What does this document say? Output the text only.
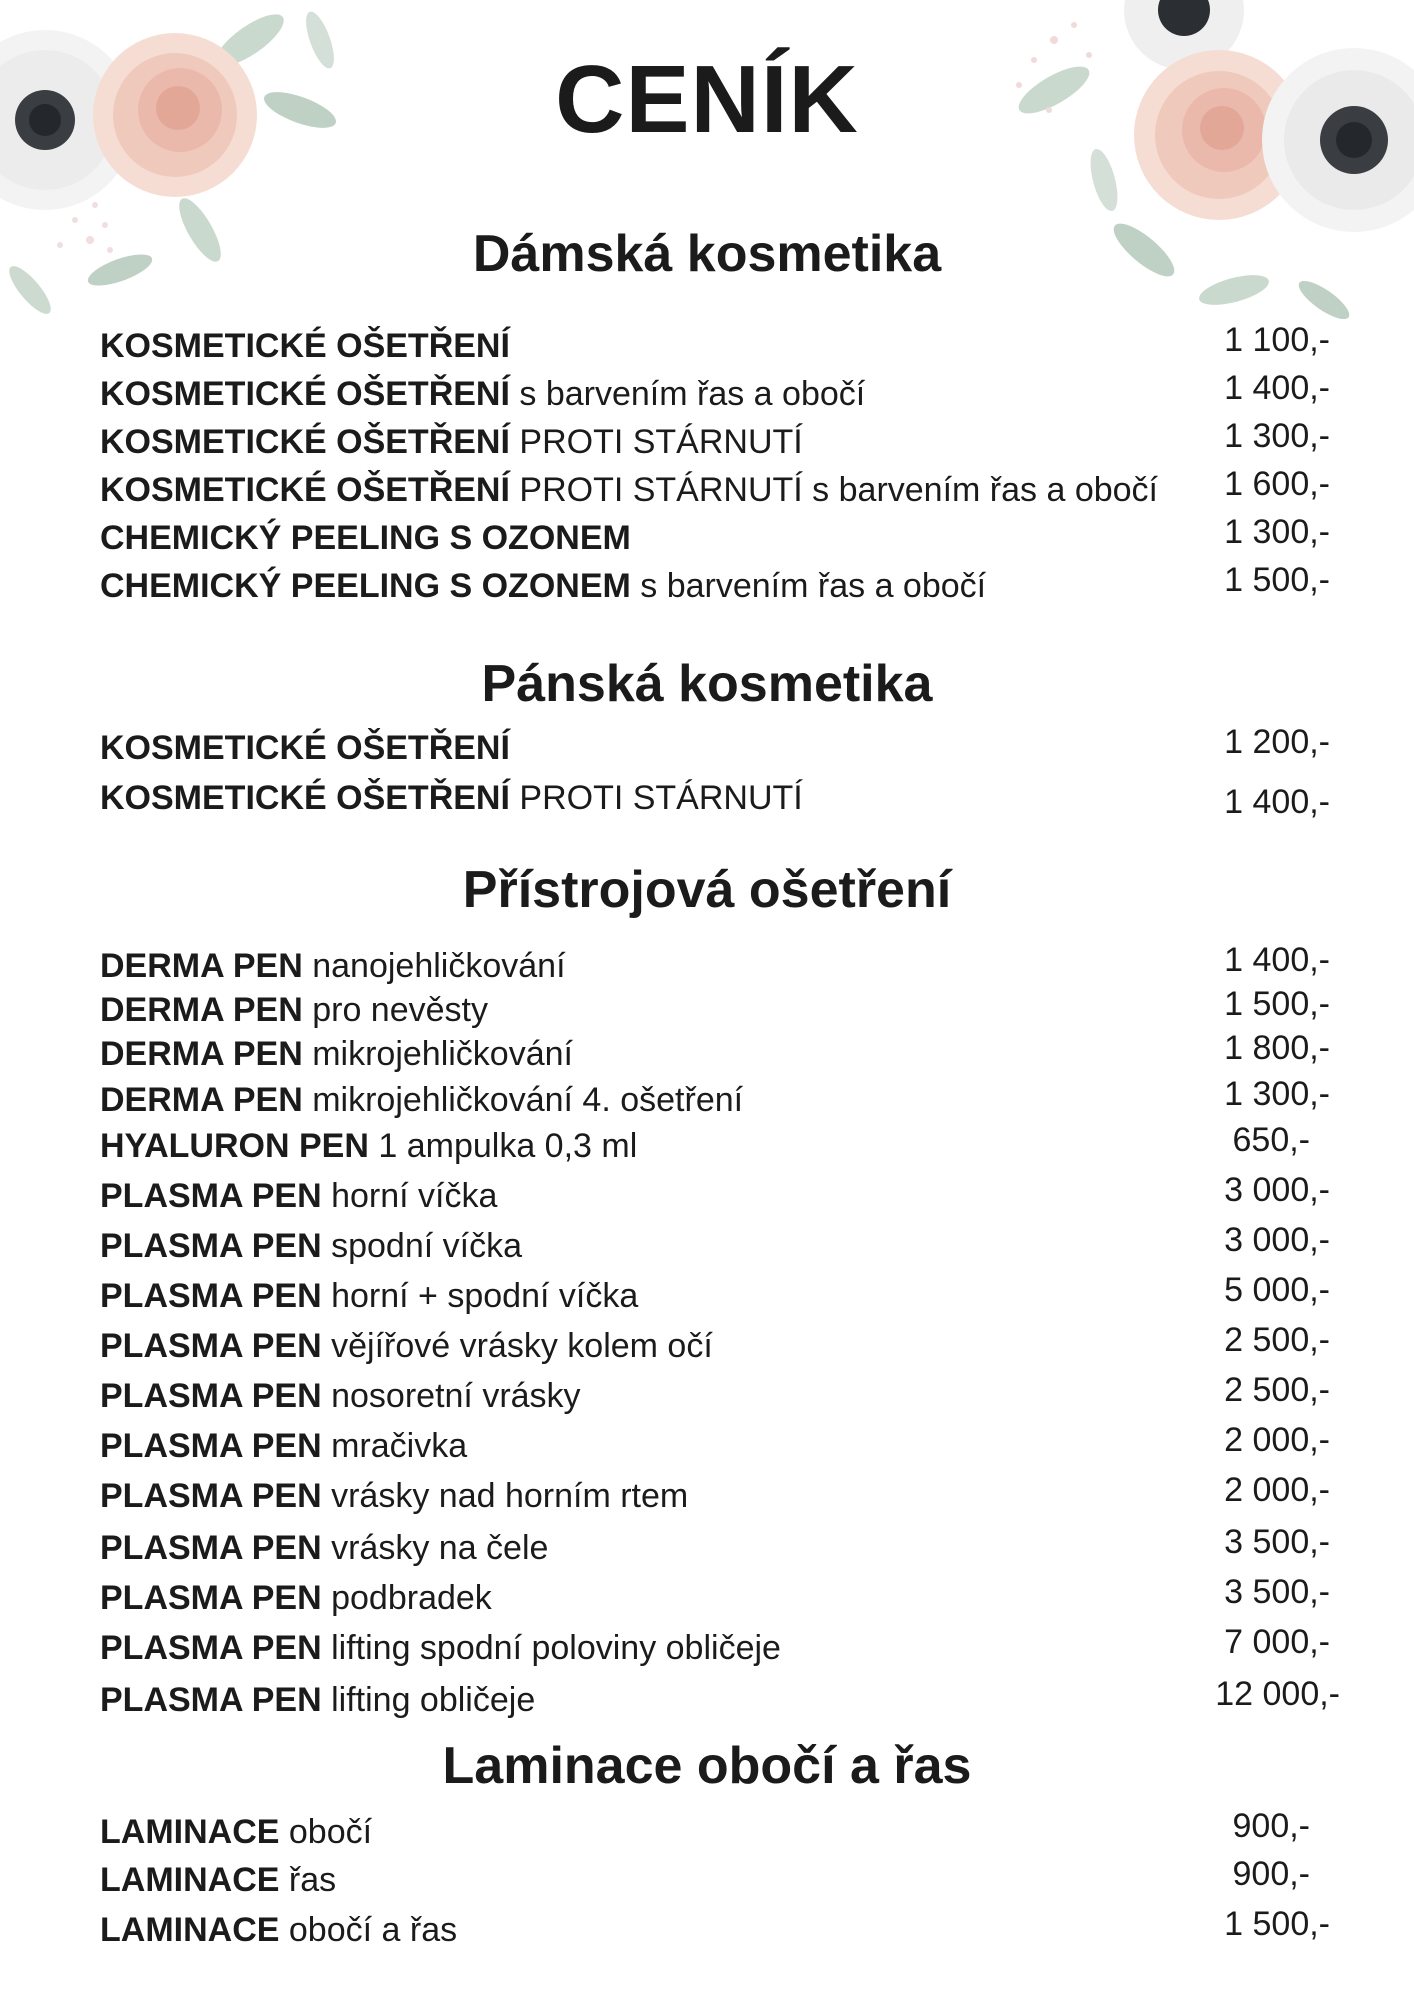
CENÍK
Dámská kosmetika
KOSMETICKÉ OŠETŘENÍ	1 100,-
KOSMETICKÉ OŠETŘENÍ s barvením řas a obočí	1 400,-
KOSMETICKÉ OŠETŘENÍ PROTI STÁRNUTÍ	1 300,-
KOSMETICKÉ OŠETŘENÍ PROTI STÁRNUTÍ s barvením řas a obočí 1 600,-
CHEMICKÝ PEELING S OZONEM	1 300,-
CHEMICKÝ PEELING S OZONEM s barvením řas a obočí	1 500,-
Pánská kosmetika
KOSMETICKÉ OŠETŘENÍ	1 200,-
KOSMETICKÉ OŠETŘENÍ PROTI STÁRNUTÍ	1 400,-
Přístrojová ošetření
DERMA PEN nanojehličkování	1 400,-
DERMA PEN pro nevěsty	1 500,-
DERMA PEN mikrojehličkování	1 800,-
DERMA PEN mikrojehličkování 4. ošetření	1 300,-
HYALURON PEN 1 ampulka 0,3 ml	650,-
PLASMA PEN horní víčka	3 000,-
PLASMA PEN spodní víčka	3 000,-
PLASMA PEN horní + spodní víčka	5 000,-
PLASMA PEN vějířové vrásky kolem očí	2 500,-
PLASMA PEN nosoretní vrásky	2 500,-
PLASMA PEN mračivka	2 000,-
PLASMA PEN vrásky nad horním rtem	2 000,-
PLASMA PEN vrásky na čele	3 500,-
PLASMA PEN podbradek	3 500,-
PLASMA PEN lifting spodní poloviny obličeje	7 000,-
PLASMA PEN lifting obličeje	12 000,-
Laminace obočí a řas
LAMINACE obočí	900,-
LAMINACE řas	900,-
LAMINACE obočí a řas	1 500,-
